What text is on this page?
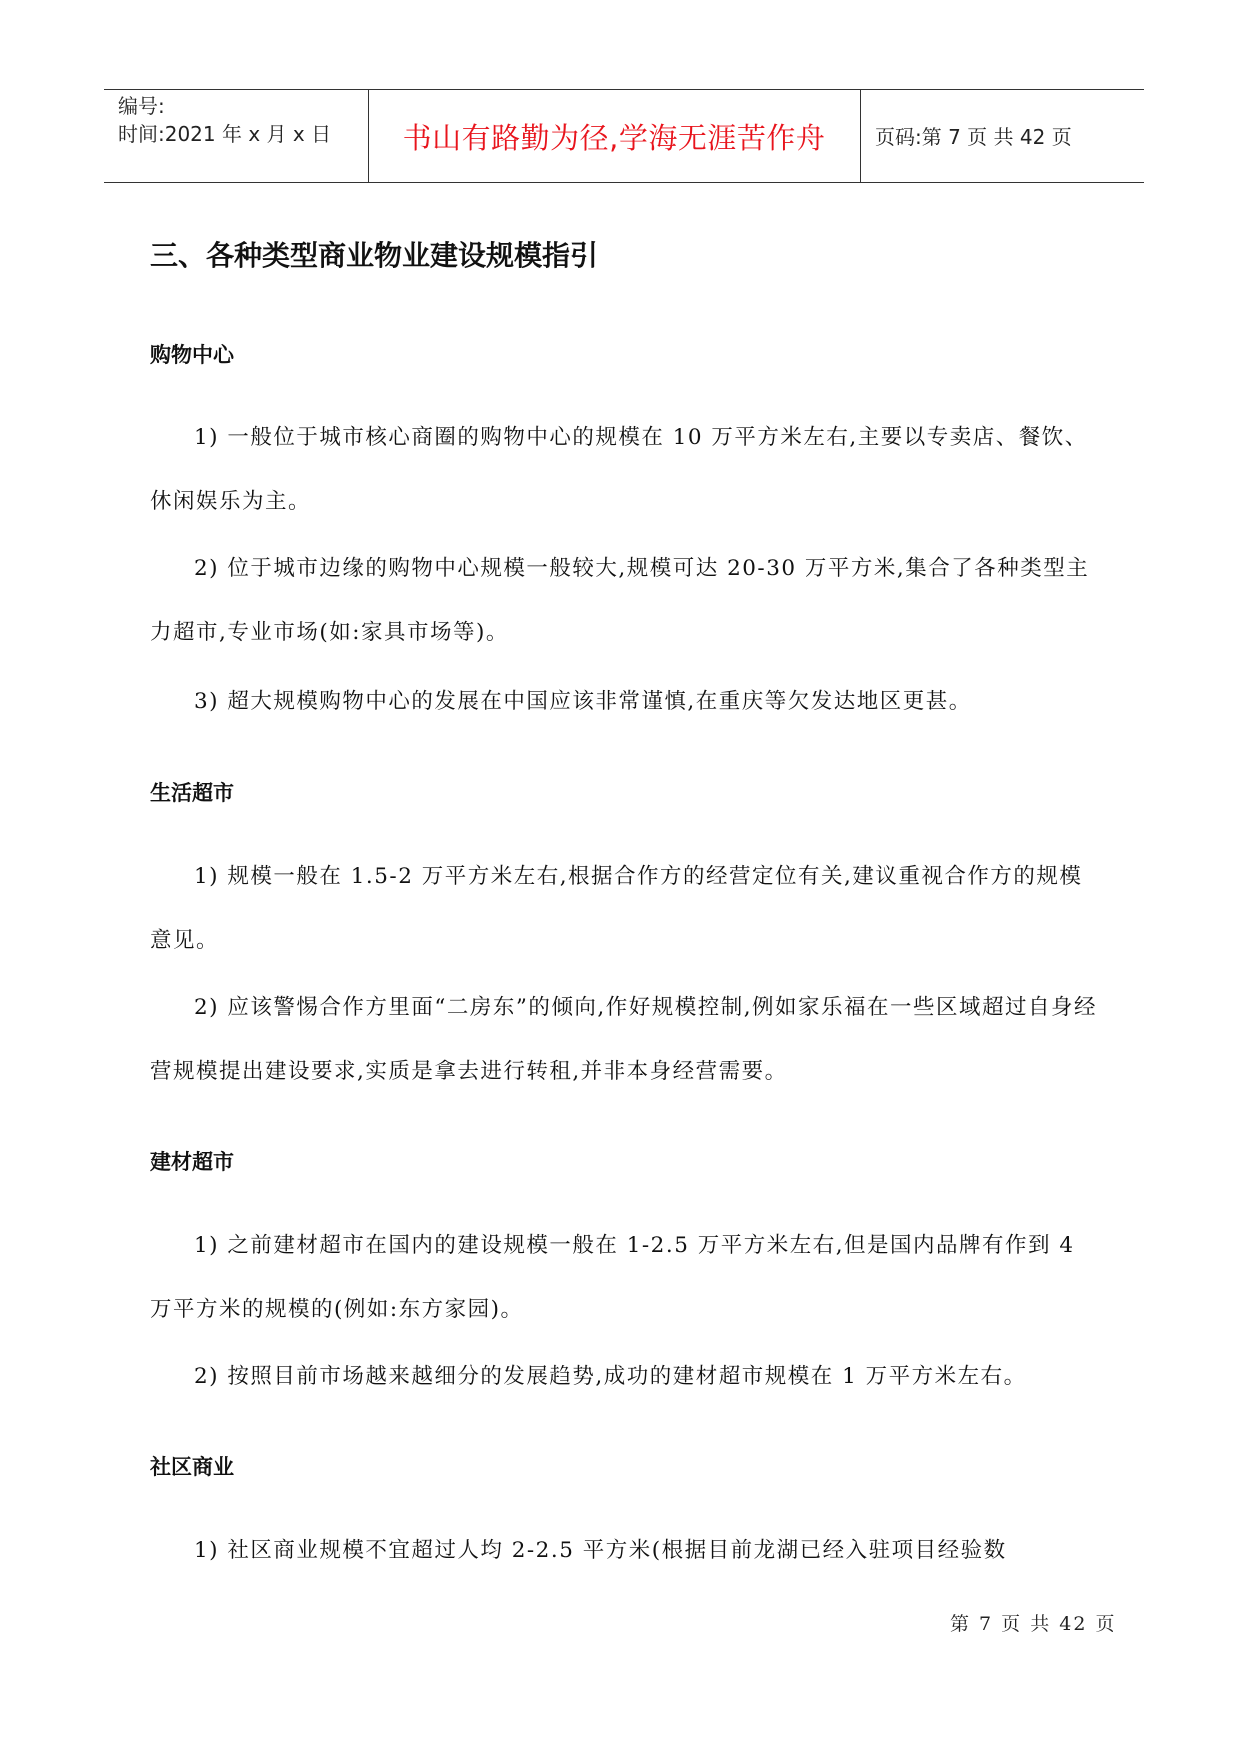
编号:
时间:2021 年 x 月 x 日	书山有路勤为径,学海无涯苦作舟	页码:第 7 页 共 42 页
三、各种类型商业物业建设规模指引
购物中心
1) 一般位于城市核心商圈的购物中心的规模在 10 万平方米左右,主要以专卖店、餐饮、休闲娱乐为主。
2) 位于城市边缘的购物中心规模一般较大,规模可达 20-30 万平方米,集合了各种类型主力超市,专业市场(如:家具市场等)。
3) 超大规模购物中心的发展在中国应该非常谨慎,在重庆等欠发达地区更甚。
生活超市
1) 规模一般在 1.5-2 万平方米左右,根据合作方的经营定位有关,建议重视合作方的规模意见。
2) 应该警惕合作方里面“二房东”的倾向,作好规模控制,例如家乐福在一些区域超过自身经营规模提出建设要求,实质是拿去进行转租,并非本身经营需要。
建材超市
1) 之前建材超市在国内的建设规模一般在 1-2.5 万平方米左右,但是国内品牌有作到 4 万平方米的规模的(例如:东方家园)。
2) 按照目前市场越来越细分的发展趋势,成功的建材超市规模在 1 万平方米左右。
社区商业
1) 社区商业规模不宜超过人均 2-2.5 平方米(根据目前龙湖已经入驻项目经验数
第 7 页 共 42 页
